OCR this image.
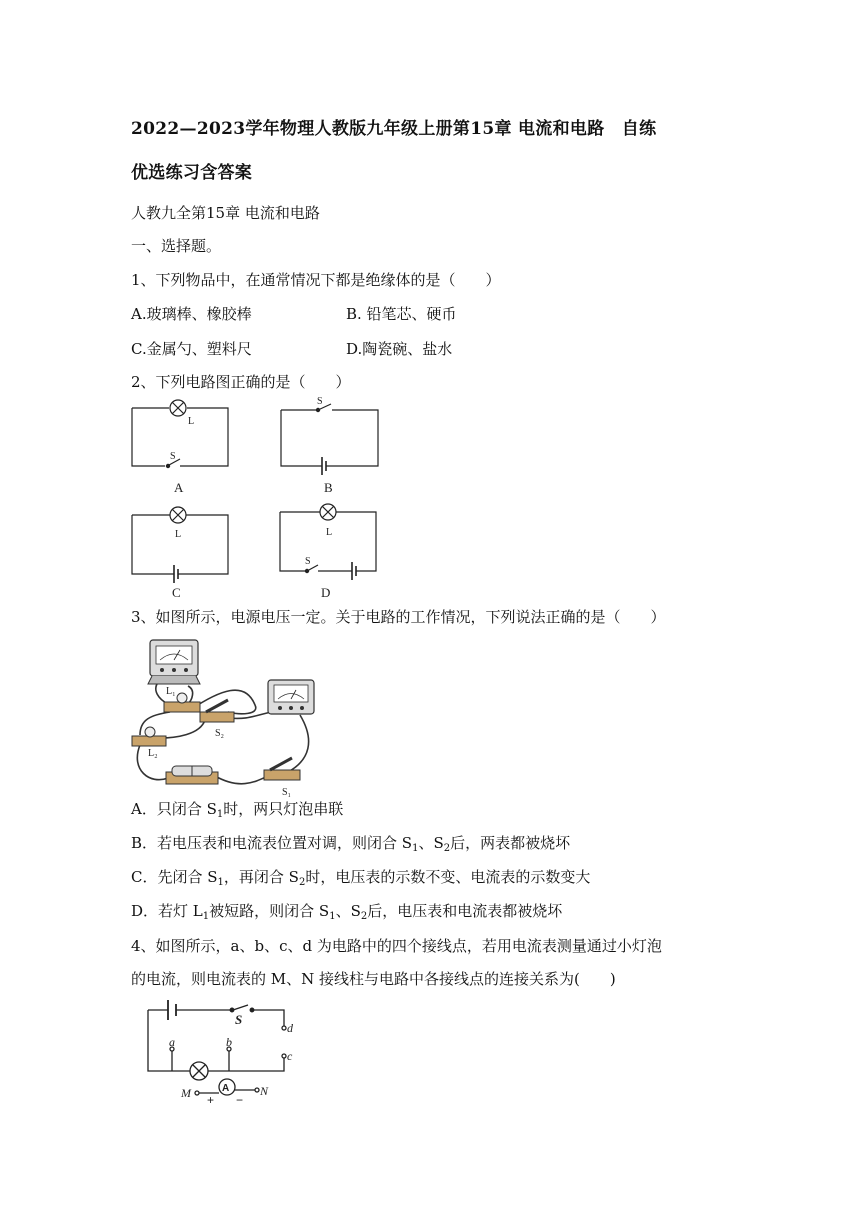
2022—2023学年物理人教版九年级上册第15章 电流和电路　自练
优选练习含答案
人教九全第15章 电流和电路
一、选择题。
1、下列物品中，在通常情况下都是绝缘体的是（　　）
A.玻璃棒、橡胶棒	B. 铅笔芯、硬币
C.金属勺、塑料尺	D.陶瓷碗、盐水
2、下列电路图正确的是（　　）
L
S
S
L	L
S
A	B
C	D
3、如图所示，电源电压一定。关于电路的工作情况，下列说法正确的是（　　）
L₁
S₂
L₂
S₁
A．只闭合 $S_1$时，两只灯泡串联
B．若电压表和电流表位置对调，则闭合 $S_1$、$S_2$后，两表都被烧坏
C．先闭合 $S_1$，再闭合 $S_2$时，电压表的示数不变、电流表的示数变大
D．若灯 $L_1$被短路，则闭合 $S_1$、$S_2$后，电压表和电流表都被烧坏
4、如图所示，a、b、c、d 为电路中的四个接线点，若用电流表测量通过小灯泡
的电流，则电流表的 M、N 接线柱与电路中各接线点的连接关系为(　　)
S
d
a	b
c
M	N
A
+ −
